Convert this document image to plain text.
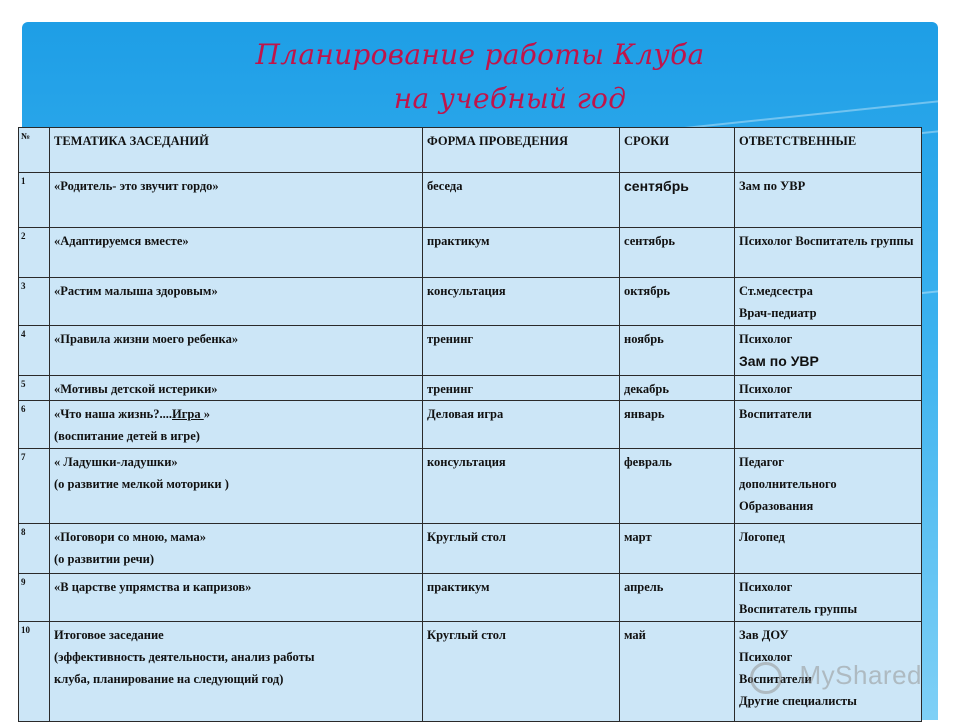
Планирование работы Клуба
на учебный год
№	ТЕМАТИКА ЗАСЕДАНИЙ	ФОРМА ПРОВЕДЕНИЯ	СРОКИ	ОТВЕТСТВЕННЫЕ
1	«Родитель- это звучит гордо»	беседа	сентябрь	Зам по УВР

2	«Адаптируемся вместе»	практикум	сентябрь	Психолог Воспитатель группы

3	«Растим малыша здоровым»	консультация	октябрь	Ст.медсестра
Врач-педиатр

4	«Правила жизни моего ребенка»	тренинг	ноябрь	Психолог
Зам по УВР

5	«Мотивы детской истерики»	тренинг	декабрь	Психолог

6	«Что наша жизнь?....Игра »
(воспитание детей в игре)	Деловая игра	январь	Воспитатели

7	« Ладушки-ладушки»
(о развитие мелкой моторики )	консультация	февраль	Педагог
дополнительного
Образования

8	«Поговори со мною, мама»
(о развитии речи)	Круглый стол	март	Логопед

9	«В царстве упрямства и капризов»	практикум	апрель	Психолог
Воспитатель группы

10	Итоговое заседание
(эффективность деятельности, анализ работы
клуба, планирование на следующий год)	Круглый стол	май	Зав ДОУ
Психолог
Воспитатели
Другие специалисты
MyShared
